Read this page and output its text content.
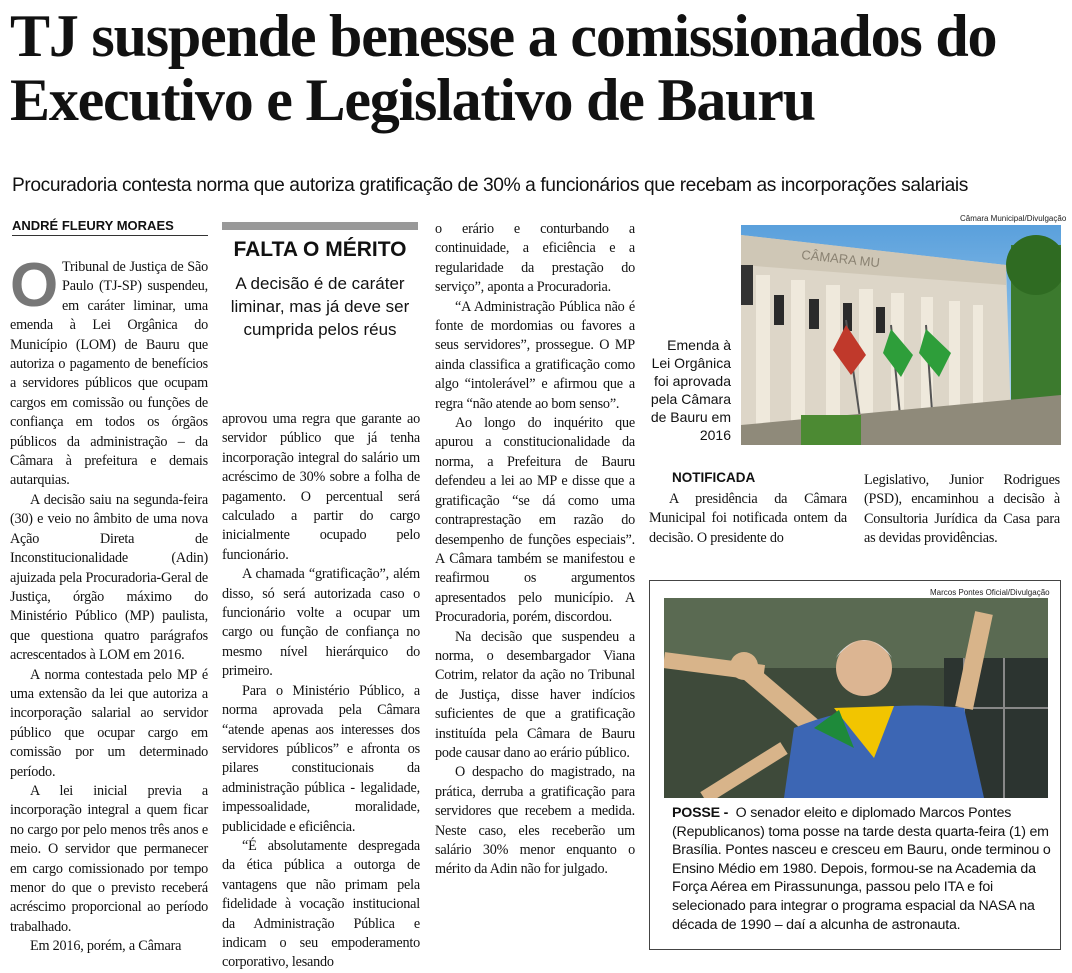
TJ suspende benesse a comissionados do Executivo e Legislativo de Bauru

Procuradoria contesta norma que autoriza gratificação de 30% a funcionários que recebam as incorporações salariais

ANDRÉ FLEURY MORAES

O Tribunal de Justiça de São Paulo (TJ-SP) suspendeu, em caráter liminar, uma emenda à Lei Orgânica do Município (LOM) de Bauru que autoriza o pagamento de benefícios a servidores públicos que ocupam cargos em comissão ou funções de confiança em todos os órgãos públicos da administração – da Câmara à prefeitura e demais autarquias.

A decisão saiu na segunda-feira (30) e veio no âmbito de uma nova Ação Direta de Inconstitucionalidade (Adin) ajuizada pela Procuradoria-Geral de Justiça, órgão máximo do Ministério Público (MP) paulista, que questiona quatro parágrafos acrescentados à LOM em 2016.

A norma contestada pelo MP é uma extensão da lei que autoriza a incorporação salarial ao servidor público que ocupar cargo em comissão por um determinado período.

A lei inicial previa a incorporação integral a quem ficar no cargo por pelo menos três anos e meio. O servidor que permanecer em cargo comissionado por tempo menor do que o previsto receberá acréscimo proporcional ao período trabalhado.

Em 2016, porém, a Câmara

FALTA O MÉRITO
A decisão é de caráter liminar, mas já deve ser cumprida pelos réus

aprovou uma regra que garante ao servidor público que já tenha incorporação integral do salário um acréscimo de 30% sobre a folha de pagamento. O percentual será calculado a partir do cargo inicialmente ocupado pelo funcionário.

A chamada “gratificação”, além disso, só será autorizada caso o funcionário volte a ocupar um cargo ou função de confiança no mesmo nível hierárquico do primeiro.

Para o Ministério Público, a norma aprovada pela Câmara “atende apenas aos interesses dos servidores públicos” e afronta os pilares constitucionais da administração pública - legalidade, impessoalidade, moralidade, publicidade e eficiência.

“É absolutamente despregada da ética pública a outorga de vantagens que não primam pela fidelidade à vocação institucional da Administração Pública e indicam o seu empoderamento corporativo, lesando

o erário e conturbando a continuidade, a eficiência e a regularidade da prestação do serviço”, aponta a Procuradoria.

“A Administração Pública não é fonte de mordomias ou favores a seus servidores”, prossegue. O MP ainda classifica a gratificação como algo “intolerável” e afirmou que a regra “não atende ao bom senso”.

Ao longo do inquérito que apurou a constitucionalidade da norma, a Prefeitura de Bauru defendeu a lei ao MP e disse que a gratificação “se dá como uma contraprestação em razão do desempenho de funções especiais”. A Câmara também se manifestou e reafirmou os argumentos apresentados pelo município. A Procuradoria, porém, discordou.

Na decisão que suspendeu a norma, o desembargador Viana Cotrim, relator da ação no Tribunal de Justiça, disse haver indícios suficientes de que a gratificação instituída pela Câmara de Bauru pode causar dano ao erário público.

O despacho do magistrado, na prática, derruba a gratificação para servidores que recebem a medida. Neste caso, eles receberão um salário 30% menor enquanto o mérito da Adin não for julgado.

Câmara Municipal/Divulgação
CÂMARA MU
Emenda à Lei Orgânica foi aprovada pela Câmara de Bauru em 2016
NOTIFICADA

A presidência da Câmara Municipal foi notificada ontem da decisão. O presidente do

Legislativo, Junior Rodrigues (PSD), encaminhou a decisão à Consultoria Jurídica da Casa para as devidas providências.

Marcos Pontes Oficial/Divulgação
POSSE - O senador eleito e diplomado Marcos Pontes (Republicanos) toma posse na tarde desta quarta-feira (1) em Brasília. Pontes nasceu e cresceu em Bauru, onde terminou o Ensino Médio em 1980. Depois, formou-se na Academia da Força Aérea em Pirassununga, passou pelo ITA e foi selecionado para integrar o programa espacial da NASA na década de 1990 – daí a alcunha de astronauta.
